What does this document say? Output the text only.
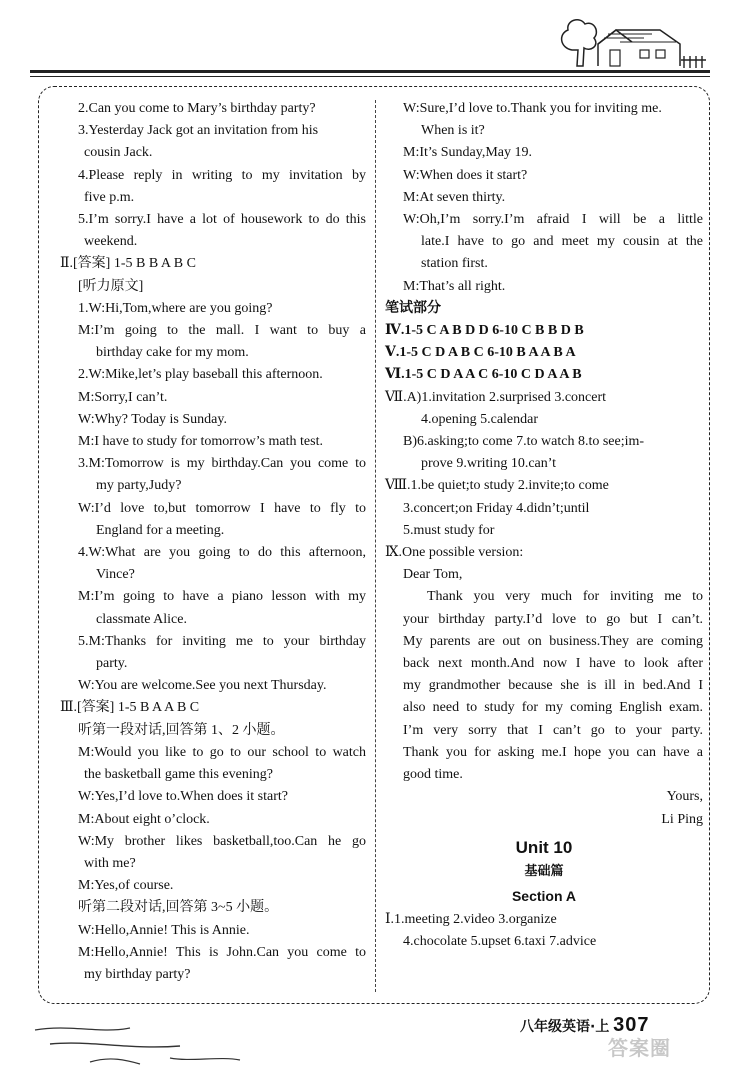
2.Can you come to Mary’s birthday party?
3.Yesterday Jack got an invitation from his
cousin Jack.
4.Please reply in writing to my invitation by
five p.m.
5.I’m sorry.I have a lot of housework to do this
weekend.
Ⅱ.[答案] 1-5 B B A B C
[听力原文]
1.W:Hi,Tom,where are you going?
M:I’m going to the mall. I want to buy a
birthday cake for my mom.
2.W:Mike,let’s play baseball this afternoon.
M:Sorry,I can’t.
W:Why? Today is Sunday.
M:I have to study for tomorrow’s math test.
3.M:Tomorrow is my birthday.Can you come to
my party,Judy?
W:I’d love to,but tomorrow I have to fly to
England for a meeting.
4.W:What are you going to do this afternoon,
Vince?
M:I’m going to have a piano lesson with my
classmate Alice.
5.M:Thanks for inviting me to your birthday
party.
W:You are welcome.See you next Thursday.
Ⅲ.[答案] 1-5 B A A B C
听第一段对话,回答第 1、2 小题。
M:Would you like to go to our school to watch
the basketball game this evening?
W:Yes,I’d love to.When does it start?
M:About eight o’clock.
W:My brother likes basketball,too.Can he go
with me?
M:Yes,of course.
听第二段对话,回答第 3~5 小题。
W:Hello,Annie! This is Annie.
M:Hello,Annie! This is John.Can you come to
my birthday party?
W:Sure,I’d love to.Thank you for inviting me.
When is it?
M:It’s Sunday,May 19.
W:When does it start?
M:At seven thirty.
W:Oh,I’m sorry.I’m afraid I will be a little
late.I have to go and meet my cousin at the
station first.
M:That’s all right.
笔试部分
Ⅳ.1-5 C A B D D 6-10 C B B D B
Ⅴ.1-5 C D A B C 6-10 B A A B A
Ⅵ.1-5 C D A A C 6-10 C D A A B
Ⅶ.A)1.invitation 2.surprised 3.concert
4.opening 5.calendar
B)6.asking;to come 7.to watch 8.to see;im-
prove 9.writing 10.can’t
Ⅷ.1.be quiet;to study 2.invite;to come
3.concert;on Friday 4.didn’t;until
5.must study for
Ⅸ.One possible version:
Dear Tom,
Thank you very much for inviting me to
your birthday party.I’d love to go but I can’t.
My parents are out on business.They are coming
back next month.And now I have to look after
my grandmother because she is ill in bed.And I
also need to study for my coming English exam.
I’m very sorry that I can’t go to your party.
Thank you for asking me.I hope you can have a
good time.
Yours,
Li Ping
Unit 10
基础篇
Section A
Ⅰ.1.meeting 2.video 3.organize
4.chocolate 5.upset 6.taxi 7.advice
八年级英语·上 307
答案圈
